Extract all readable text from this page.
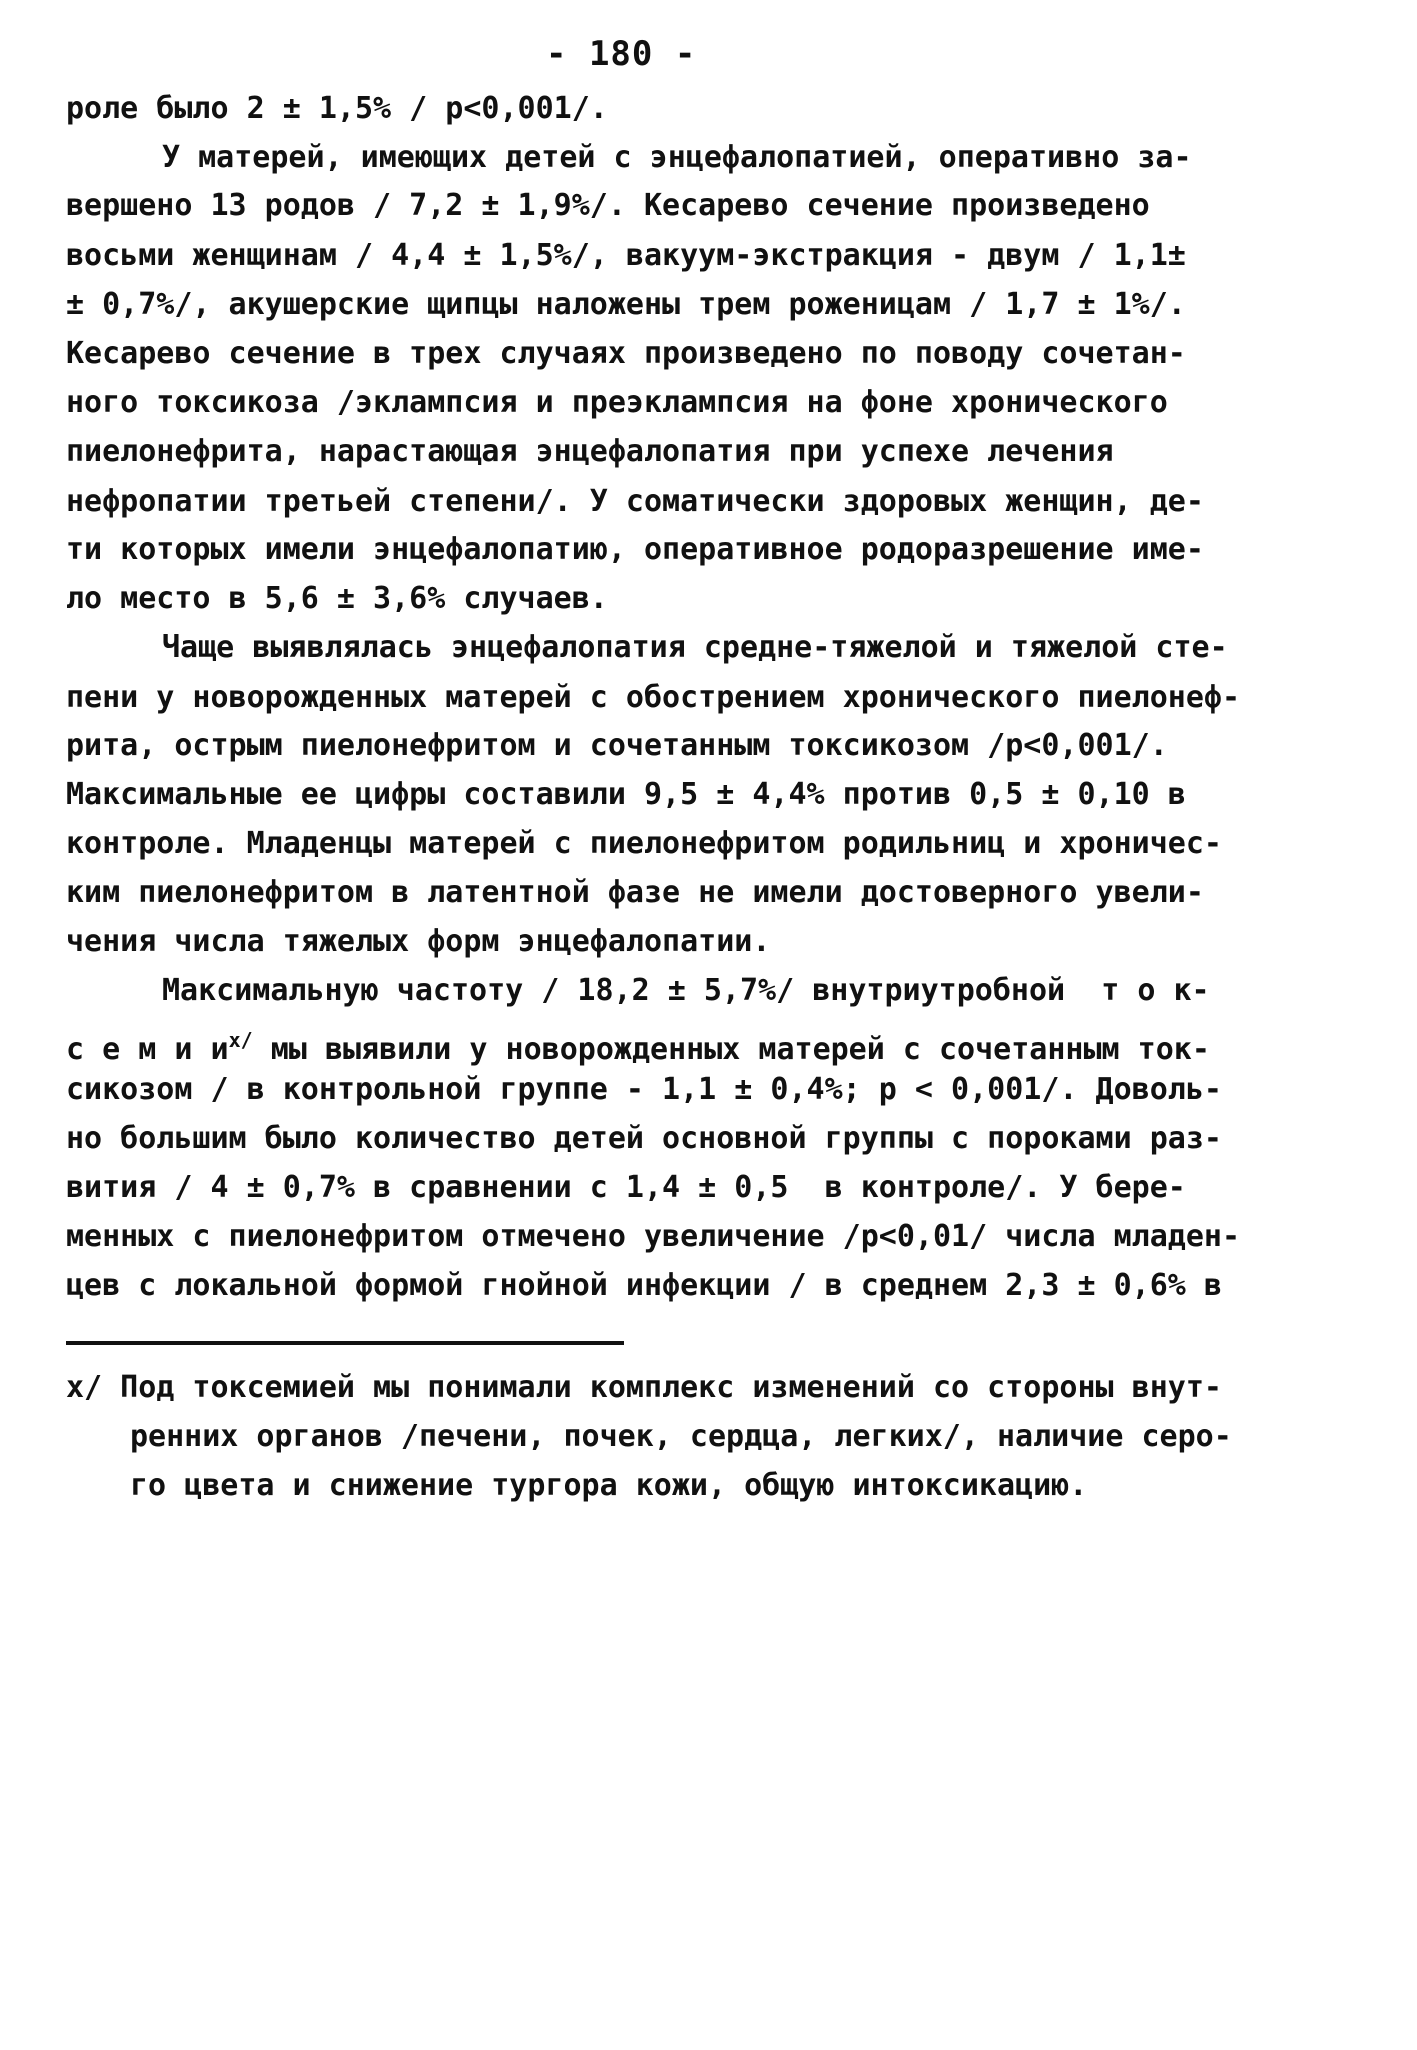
- 180 -
роле было 2 ± 1,5% / р<0,001/.
У матерей, имеющих детей с энцефалопатией, оперативно за-
вершено 13 родов / 7,2 ± 1,9%/. Кесарево сечение произведено
восьми женщинам / 4,4 ± 1,5%/, вакуум-экстракция - двум / 1,1±
± 0,7%/, акушерские щипцы наложены трем роженицам / 1,7 ± 1%/.
Кесарево сечение в трех случаях произведено по поводу сочетан-
ного токсикоза /эклампсия и преэклампсия на фоне хронического
пиелонефрита, нарастающая энцефалопатия при успехе лечения
нефропатии третьей степени/. У соматически здоровых женщин, де-
ти которых имели энцефалопатию, оперативное родоразрешение име-
ло место в 5,6 ± 3,6% случаев.
Чаще выявлялась энцефалопатия средне-тяжелой и тяжелой сте-
пени у новорожденных матерей с обострением хронического пиелонеф-
рита, острым пиелонефритом и сочетанным токсикозом /р<0,001/.
Максимальные ее цифры составили 9,5 ± 4,4% против 0,5 ± 0,10 в
контроле. Младенцы матерей с пиелонефритом родильниц и хроничес-
ким пиелонефритом в латентной фазе не имели достоверного увели-
чения числа тяжелых форм энцефалопатии.
Максимальную частоту / 18,2 ± 5,7%/ внутриутробной  т о к-
с е м и и$^{x/}$ мы выявили у новорожденных матерей с сочетанным ток-
сикозом / в контрольной группе - 1,1 ± 0,4%; р < 0,001/. Доволь-
но большим было количество детей основной группы с пороками раз-
вития / 4 ± 0,7% в сравнении с 1,4 ± 0,5  в контроле/. У бере-
менных с пиелонефритом отмечено увеличение /р<0,01/ числа младен-
цев с локальной формой гнойной инфекции / в среднем 2,3 ± 0,6% в
х/ Под токсемией мы понимали комплекс изменений со стороны внут-
ренних органов /печени, почек, сердца, легких/, наличие серо-
го цвета и снижение тургора кожи, общую интоксикацию.
